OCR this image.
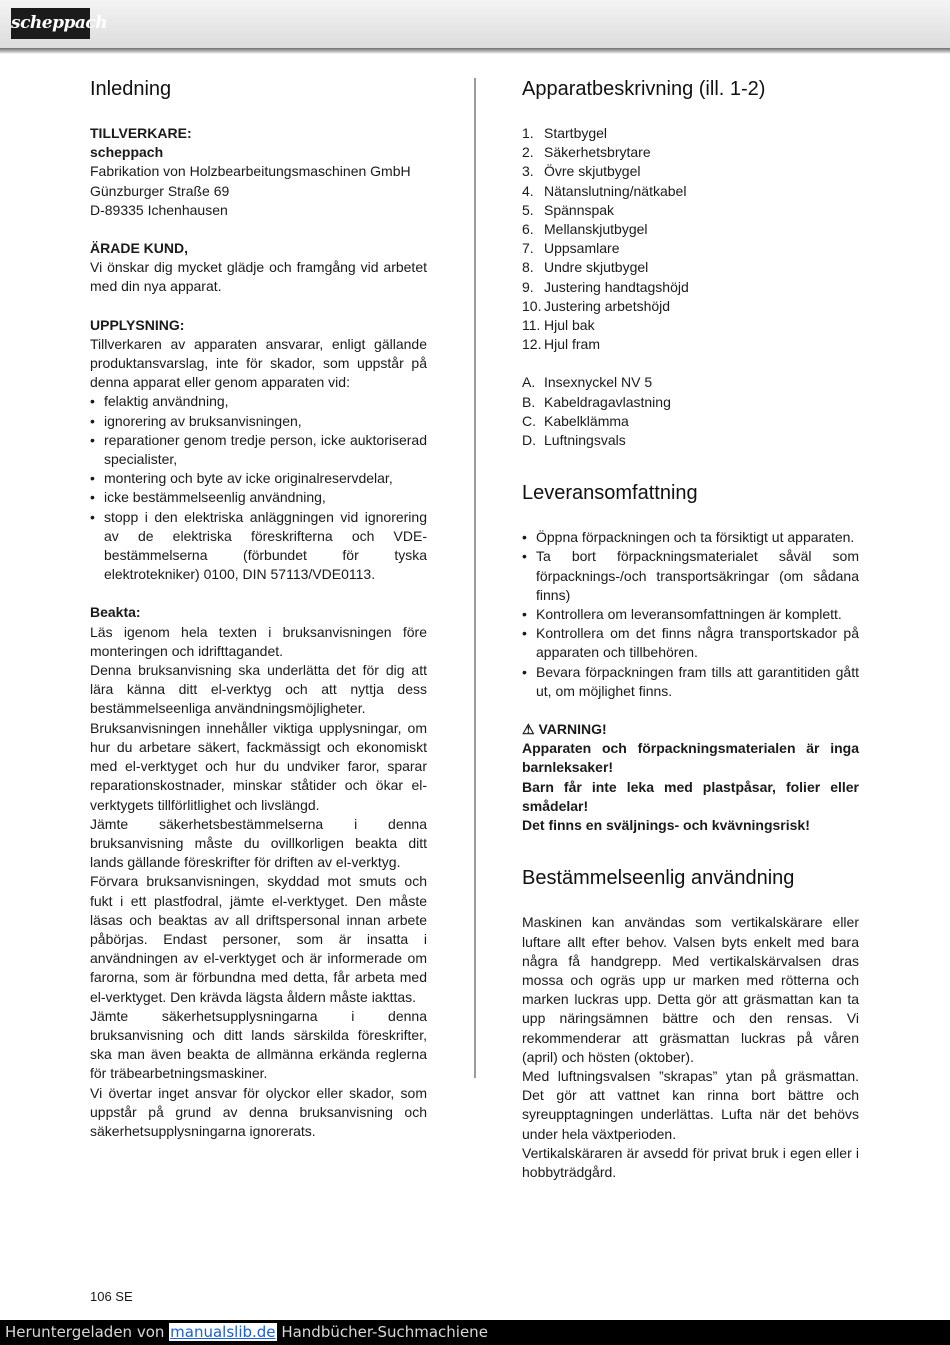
scheppach
Inledning

TILLVERKARE:

scheppach

Fabrikation von Holzbearbeitungsmaschinen GmbH

Günzburger Straße 69

D-89335 Ichenhausen

ÄRADE KUND,

Vi önskar dig mycket glädje och framgång vid arbetet med din nya apparat.

UPPLYSNING:

Tillverkaren av apparaten ansvarar, enligt gällande produktansvarslag, inte för skador, som uppstår på denna apparat eller genom apparaten vid:

• felaktig användning,
• ignorering av bruksanvisningen,
• reparationer genom tredje person, icke auktoriserad specialister,
• montering och byte av icke originalreservdelar,
• icke bestämmelseenlig användning,
• stopp i den elektriska anläggningen vid ignorering av de elektriska föreskrifterna och VDE-bestämmelserna (förbundet för tyska elektrotekniker) 0100, DIN 57113/VDE0113.

Beakta:

Läs igenom hela texten i bruksanvisningen före monteringen och idrifttagandet.

Denna bruksanvisning ska underlätta det för dig att lära känna ditt el-verktyg och att nyttja dess bestämmelseenliga användningsmöjligheter.

Bruksanvisningen innehåller viktiga upplysningar, om hur du arbetare säkert, fackmässigt och ekonomiskt med el-verktyget och hur du undviker faror, sparar reparationskostnader, minskar ståtider och ökar el-verktygets tillförlitlighet och livslängd.

Jämte säkerhetsbestämmelserna i denna bruksanvisning måste du ovillkorligen beakta ditt lands gällande föreskrifter för driften av el-verktyg.

Förvara bruksanvisningen, skyddad mot smuts och fukt i ett plastfodral, jämte el-verktyget. Den måste läsas och beaktas av all driftspersonal innan arbete påbörjas. Endast personer, som är insatta i användningen av el-verktyget och är informerade om farorna, som är förbundna med detta, får arbeta med el-verktyget. Den krävda lägsta åldern måste iakttas.

Jämte säkerhetsupplysningarna i denna bruksanvisning och ditt lands särskilda föreskrifter, ska man även beakta de allmänna erkända reglerna för träbearbetningsmaskiner.

Vi övertar inget ansvar för olyckor eller skador, som uppstår på grund av denna bruksanvisning och säkerhetsupplysningarna ignorerats.

Apparatbeskrivning (ill. 1-2)
1. Startbygel
2. Säkerhetsbrytare
3. Övre skjutbygel
4. Nätanslutning/nätkabel
5. Spännspak
6. Mellanskjutbygel
7. Uppsamlare
8. Undre skjutbygel
9. Justering handtagshöjd
10. Justering arbetshöjd
11. Hjul bak
12. Hjul fram
A. Insexnyckel NV 5
B. Kabeldragavlastning
C. Kabelklämma
D. Luftningsvals
Leveransomfattning
• Öppna förpackningen och ta försiktigt ut apparaten.
• Ta bort förpackningsmaterialet såväl som förpacknings-/och transportsäkringar (om sådana finns)
• Kontrollera om leveransomfattningen är komplett.
• Kontrollera om det finns några transportskador på apparaten och tillbehören.
• Bevara förpackningen fram tills att garantitiden gått ut, om möjlighet finns.

⚠ VARNING!

Apparaten och förpackningsmaterialen är inga barnleksaker!

Barn får inte leka med plastpåsar, folier eller smådelar!

Det finns en sväljnings- och kvävningsrisk!

Bestämmelseenlig användning

Maskinen kan användas som vertikalskärare eller luftare allt efter behov. Valsen byts enkelt med bara några få handgrepp. Med vertikalskärvalsen dras mossa och ogräs upp ur marken med rötterna och marken luckras upp. Detta gör att gräsmattan kan ta upp näringsämnen bättre och den rensas. Vi rekommenderar att gräsmattan luckras på våren (april) och hösten (oktober).

Med luftningsvalsen ”skrapas” ytan på gräsmattan. Det gör att vattnet kan rinna bort bättre och syreupptagningen underlättas. Lufta när det behövs under hela växtperioden.

Vertikalskäraren är avsedd för privat bruk i egen eller i hobbyträdgård.

106 SE
Heruntergeladen von manualslib.de Handbücher-Suchmachiene
